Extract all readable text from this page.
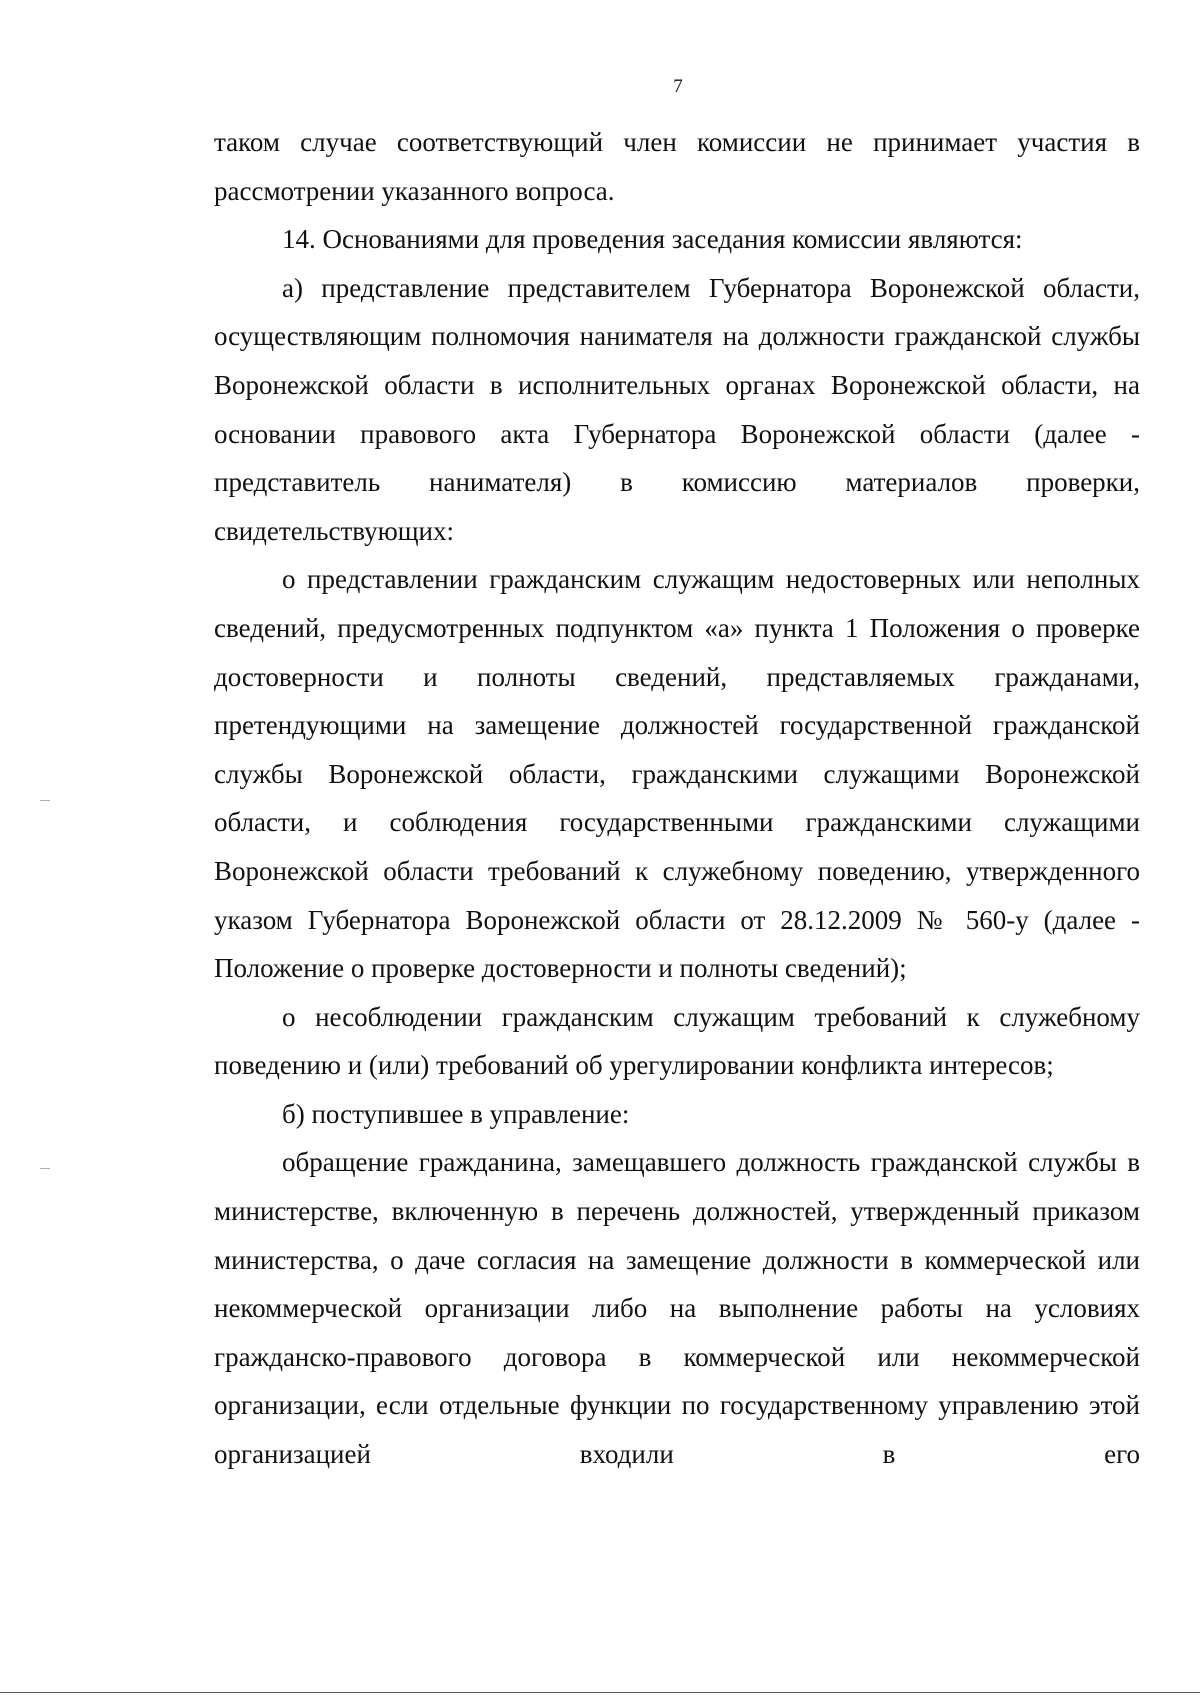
7

таком случае соответствующий член комиссии не принимает участия в рассмотрении указанного вопроса.

14. Основаниями для проведения заседания комиссии являются:

а) представление представителем Губернатора Воронежской области, осуществляющим полномочия нанимателя на должности гражданской службы Воронежской области в исполнительных органах Воронежской области, на основании правового акта Губернатора Воронежской области (далее - представитель нанимателя) в комиссию материалов проверки, свидетельствующих:

о представлении гражданским служащим недостоверных или неполных сведений, предусмотренных подпунктом «а» пункта 1 Положения о проверке достоверности и полноты сведений, представляемых гражданами, претендующими на замещение должностей государственной гражданской службы Воронежской области, гражданскими служащими Воронежской области, и соблюдения государственными гражданскими служащими Воронежской области требований к служебному поведению, утвержденного указом Губернатора Воронежской области от 28.12.2009 № 560-у (далее - Положение о проверке достоверности и полноты сведений);

о несоблюдении гражданским служащим требований к служебному поведению и (или) требований об урегулировании конфликта интересов;

б) поступившее в управление:

обращение гражданина, замещавшего должность гражданской службы в министерстве, включенную в перечень должностей, утвержденный приказом министерства, о даче согласия на замещение должности в коммерческой или некоммерческой организации либо на выполнение работы на условиях гражданско-правового договора в коммерческой или некоммерческой организации, если отдельные функции по государственному управлению этой организацией входили в его
